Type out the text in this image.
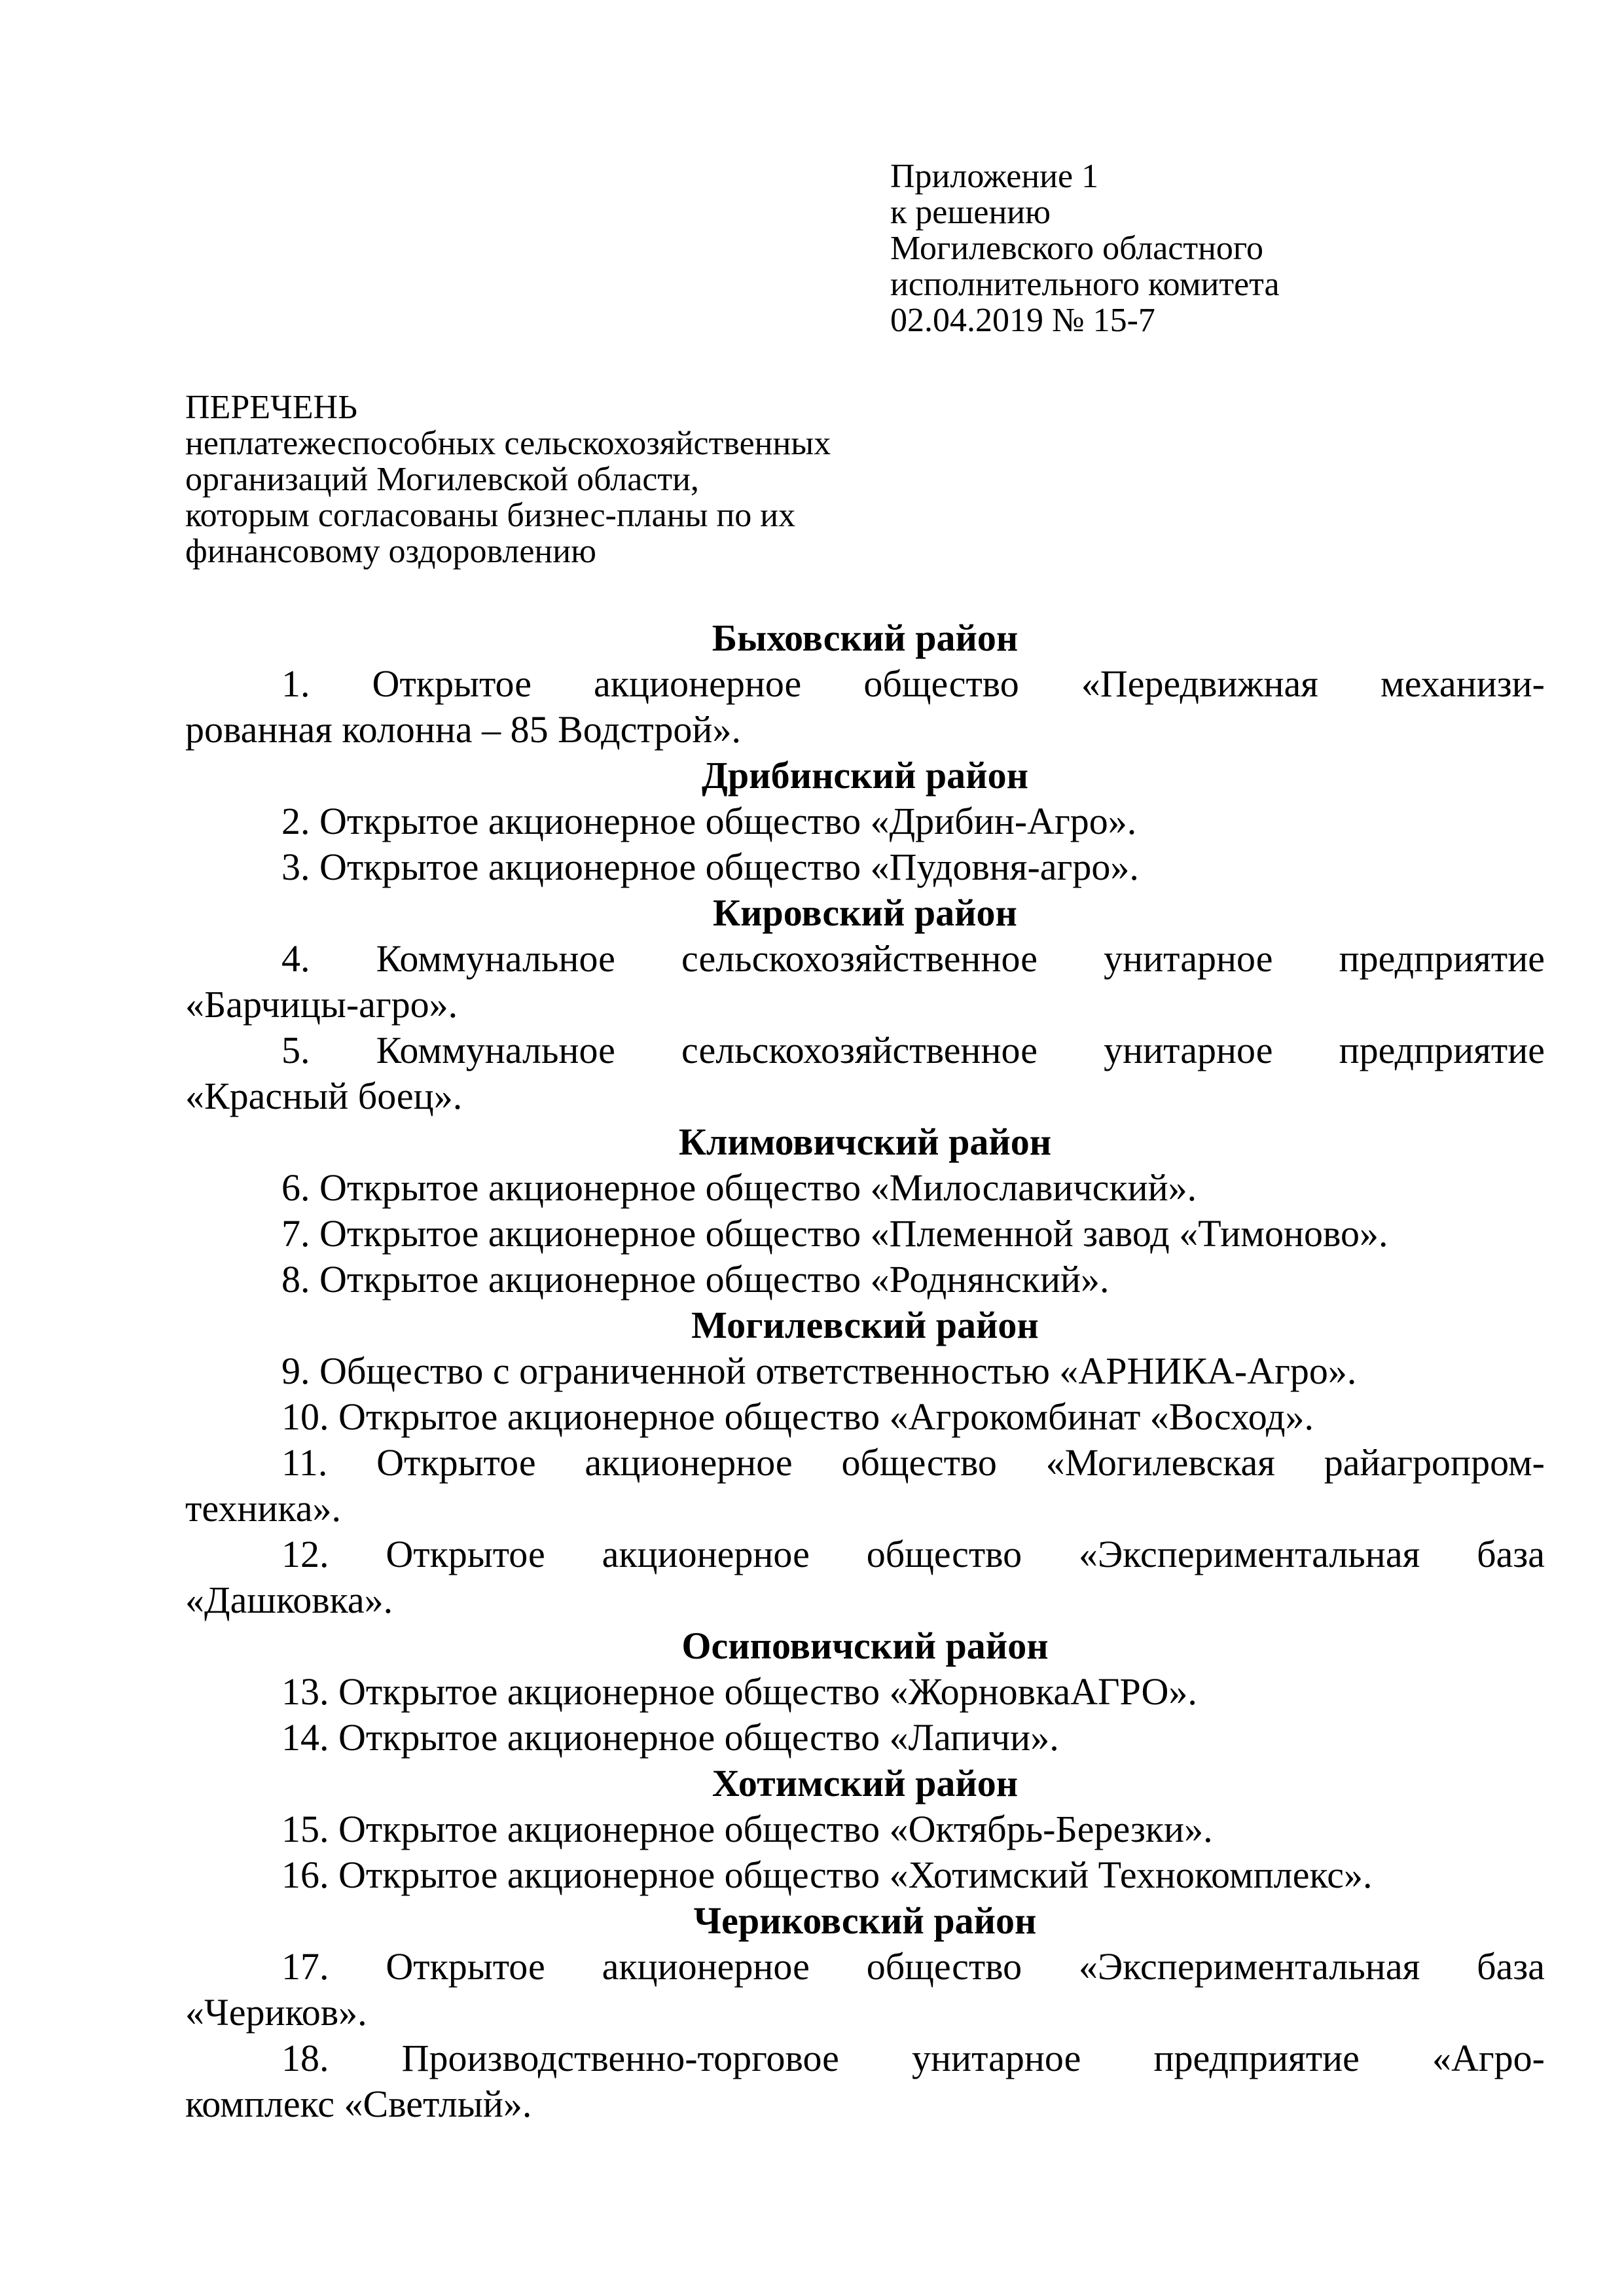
Приложение 1
к решению
Могилевского областного
исполнительного комитета
02.04.2019 № 15-7
ПЕРЕЧЕНЬ
неплатежеспособных сельскохозяйственных
организаций Могилевской области,
которым согласованы бизнес-планы по их
финансовому оздоровлению
Быховский район
1. Открытое акционерное общество «Передвижная механизи-
рованная колонна – 85 Водстрой».
Дрибинский район
2. Открытое акционерное общество «Дрибин-Агро».
3. Открытое акционерное общество «Пудовня-агро».
Кировский район
4. Коммунальное сельскохозяйственное унитарное предприятие
«Барчицы-агро».
5. Коммунальное сельскохозяйственное унитарное предприятие
«Красный боец».
Климовичский район
6. Открытое акционерное общество «Милославичский».
7. Открытое акционерное общество «Племенной завод «Тимоново».
8. Открытое акционерное общество «Роднянский».
Могилевский район
9. Общество с ограниченной ответственностью «АРНИКА-Агро».
10. Открытое акционерное общество «Агрокомбинат «Восход».
11. Открытое акционерное общество «Могилевская райагропром-
техника».
12. Открытое акционерное общество «Экспериментальная база
«Дашковка».
Осиповичский район
13. Открытое акционерное общество «ЖорновкаАГРО».
14. Открытое акционерное общество «Лапичи».
Хотимский район
15. Открытое акционерное общество «Октябрь-Березки».
16. Открытое акционерное общество «Хотимский Технокомплекс».
Чериковский район
17. Открытое акционерное общество «Экспериментальная база
«Чериков».
18. Производственно-торговое унитарное предприятие «Агро-
комплекс «Светлый».
